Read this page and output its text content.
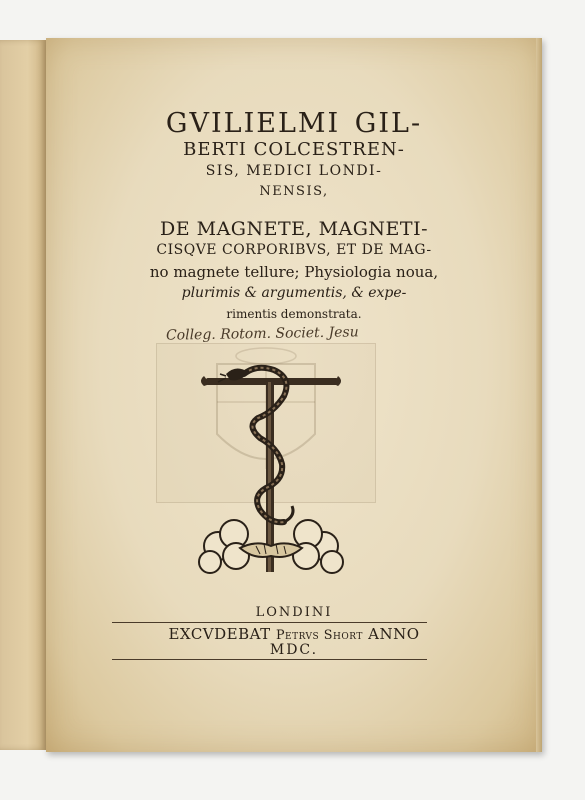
GVILIELMI GIL-
BERTI COLCESTREN-
SIS, MEDICI LONDI-
NENSIS,
DE MAGNETE, MAGNETI-
CISQVE CORPORIBVS, ET DE MAG-
no magnete tellure; Physiologia noua,
plurimis & argumentis, & expe-
rimentis demonstrata.
Colleg. Rotom. Societ. Jesu
LONDINI
EXCVDEBAT Petrvs Short ANNO
MDC.
